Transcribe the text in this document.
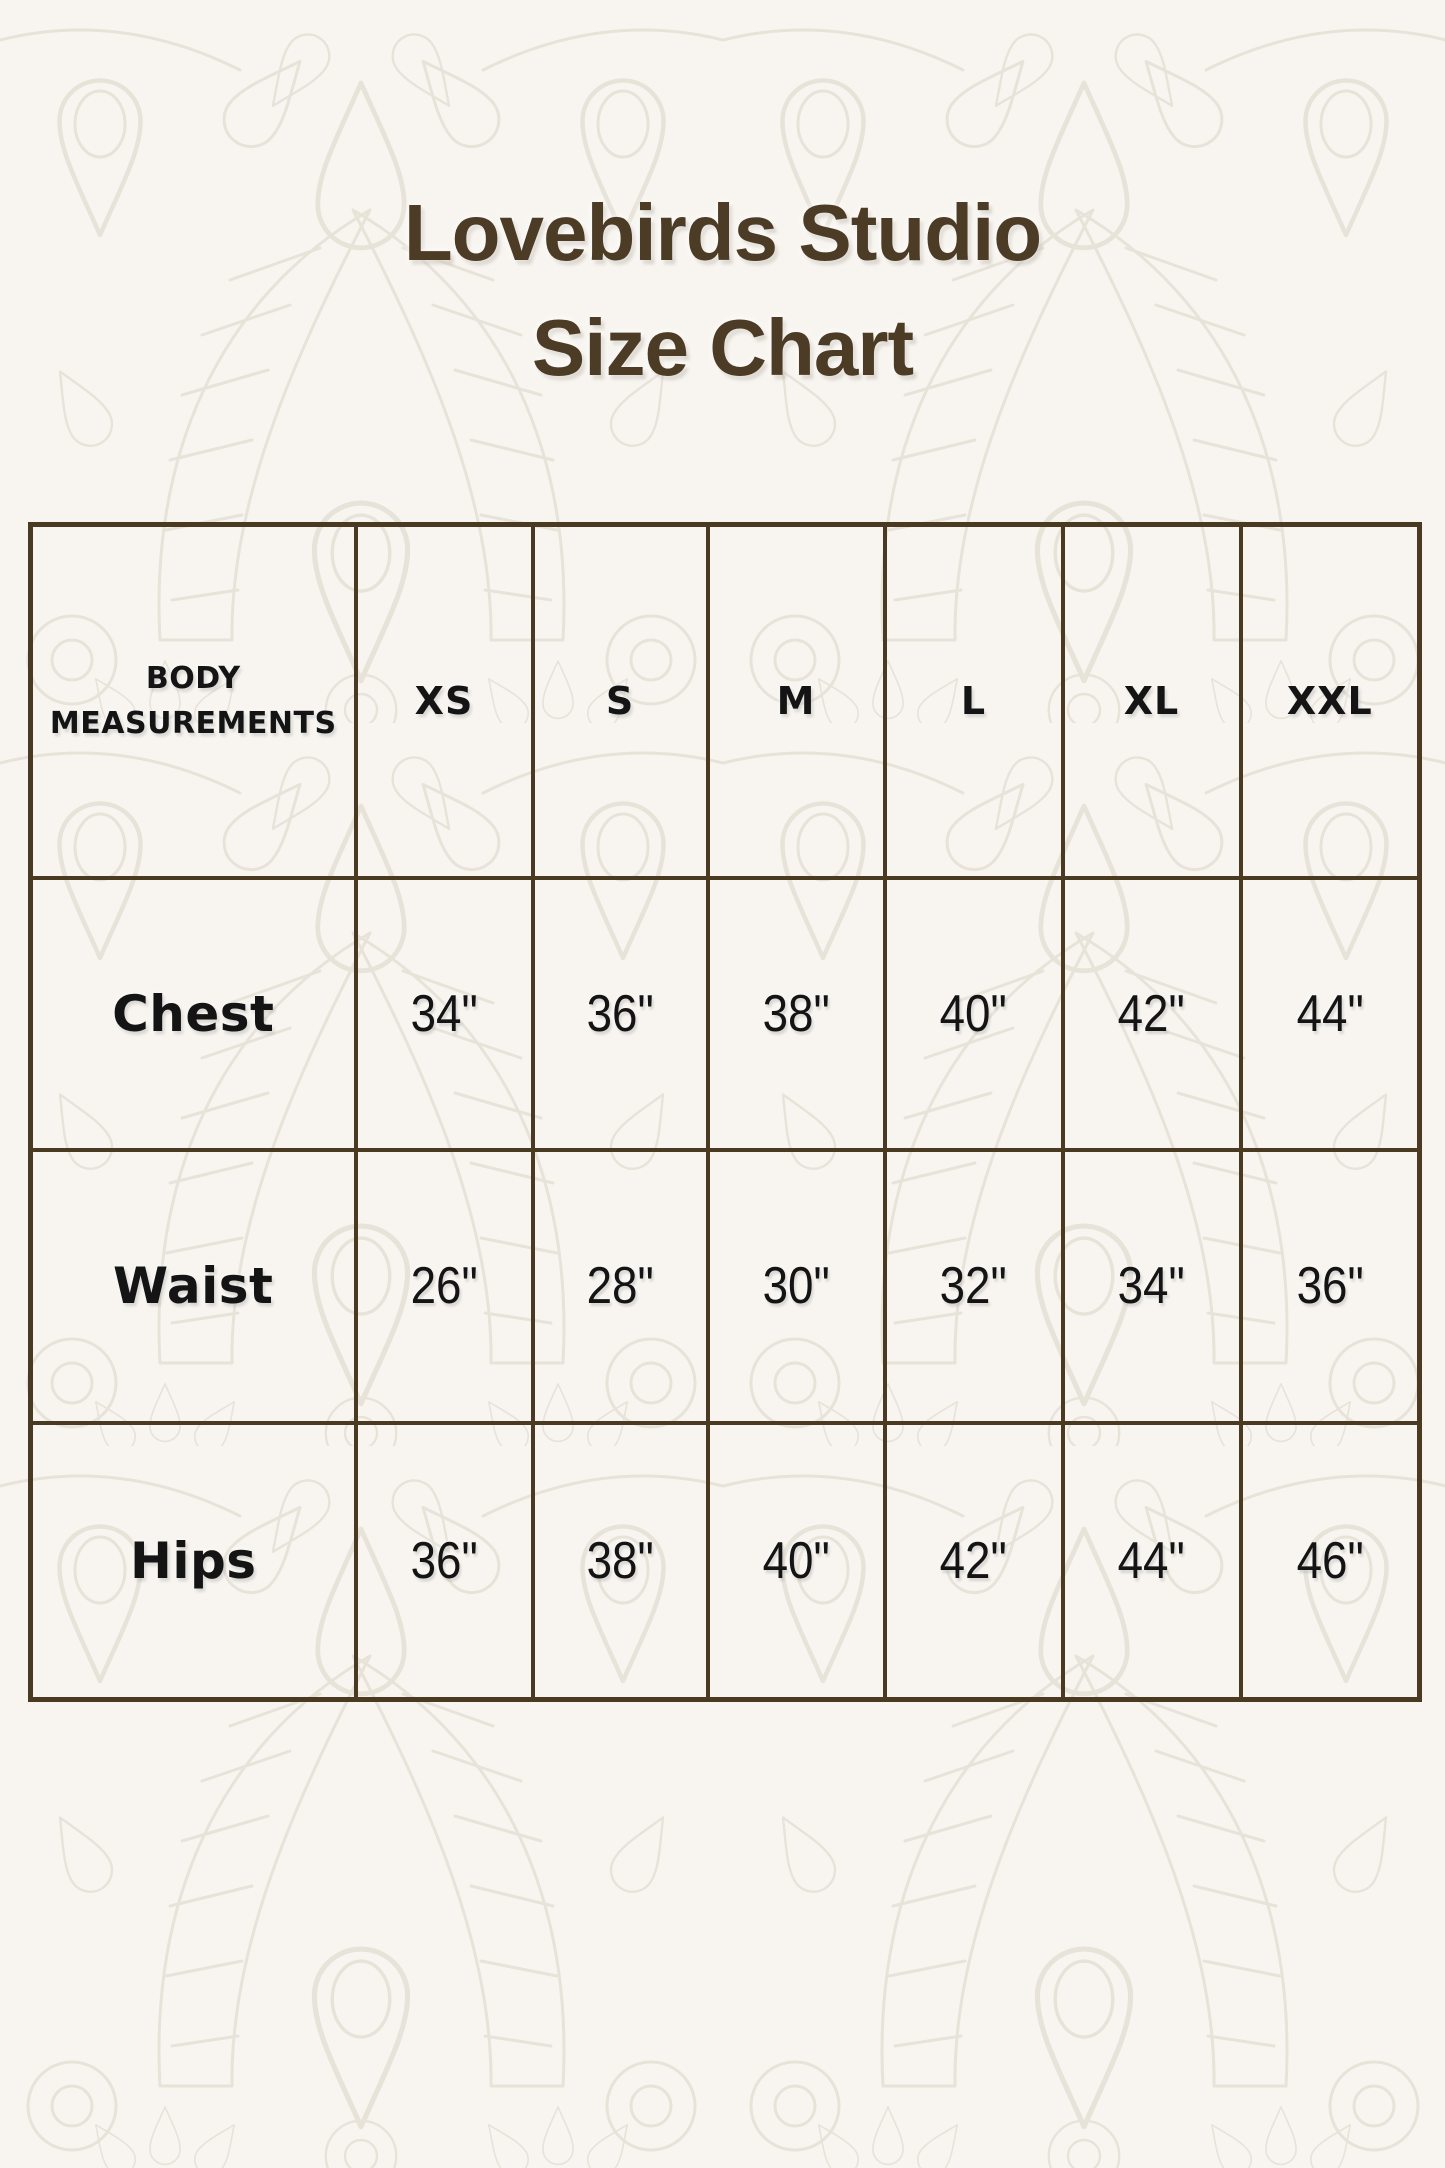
Lovebirds Studio
Size Chart
BODY MEASUREMENTS	XS	S	M	L	XL	XXL
Chest	34"	36"	38"	40"	42"	44"
Waist	26"	28"	30"	32"	34"	36"
Hips	36"	38"	40"	42"	44"	46"
